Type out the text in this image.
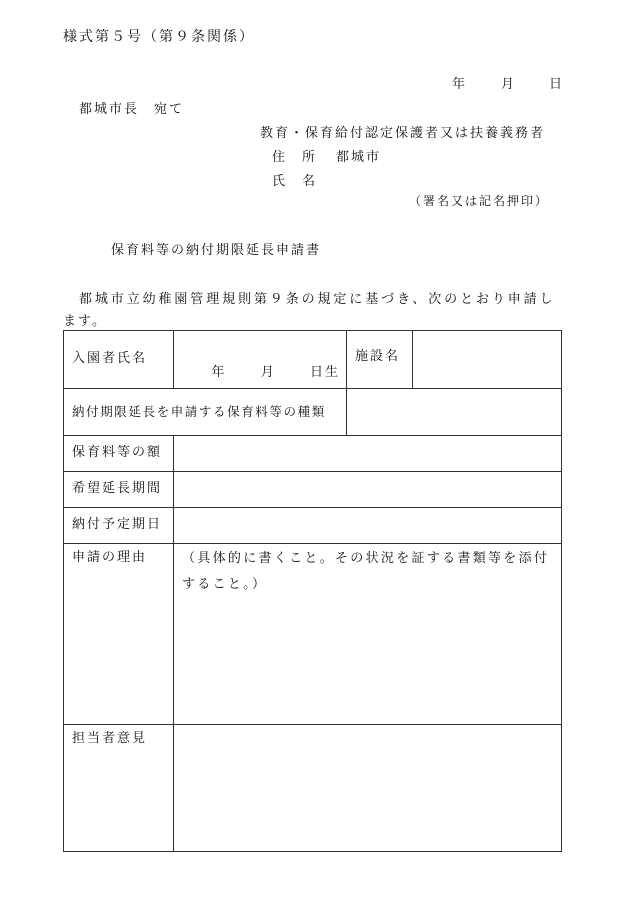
様式第５号（第９条関係）
年	月	日
都城市長　宛て
教育・保育給付認定保護者又は扶養義務者
住　所 都城市
氏　名
（署名又は記名押印）
保育料等の納付期限延長申請書
都城市立幼稚園管理規則第９条の規定に基づき、次のとおり申請し
ます。
入園者氏名	年 月 日生	施設名	
納付期限延長を申請する保育料等の種類			
保育料等の額			
希望延長期間			
納付予定期日			
申請の理由	（具体的に書くこと。その状況を証する書類等を添付すること。）		
担当者意見			
